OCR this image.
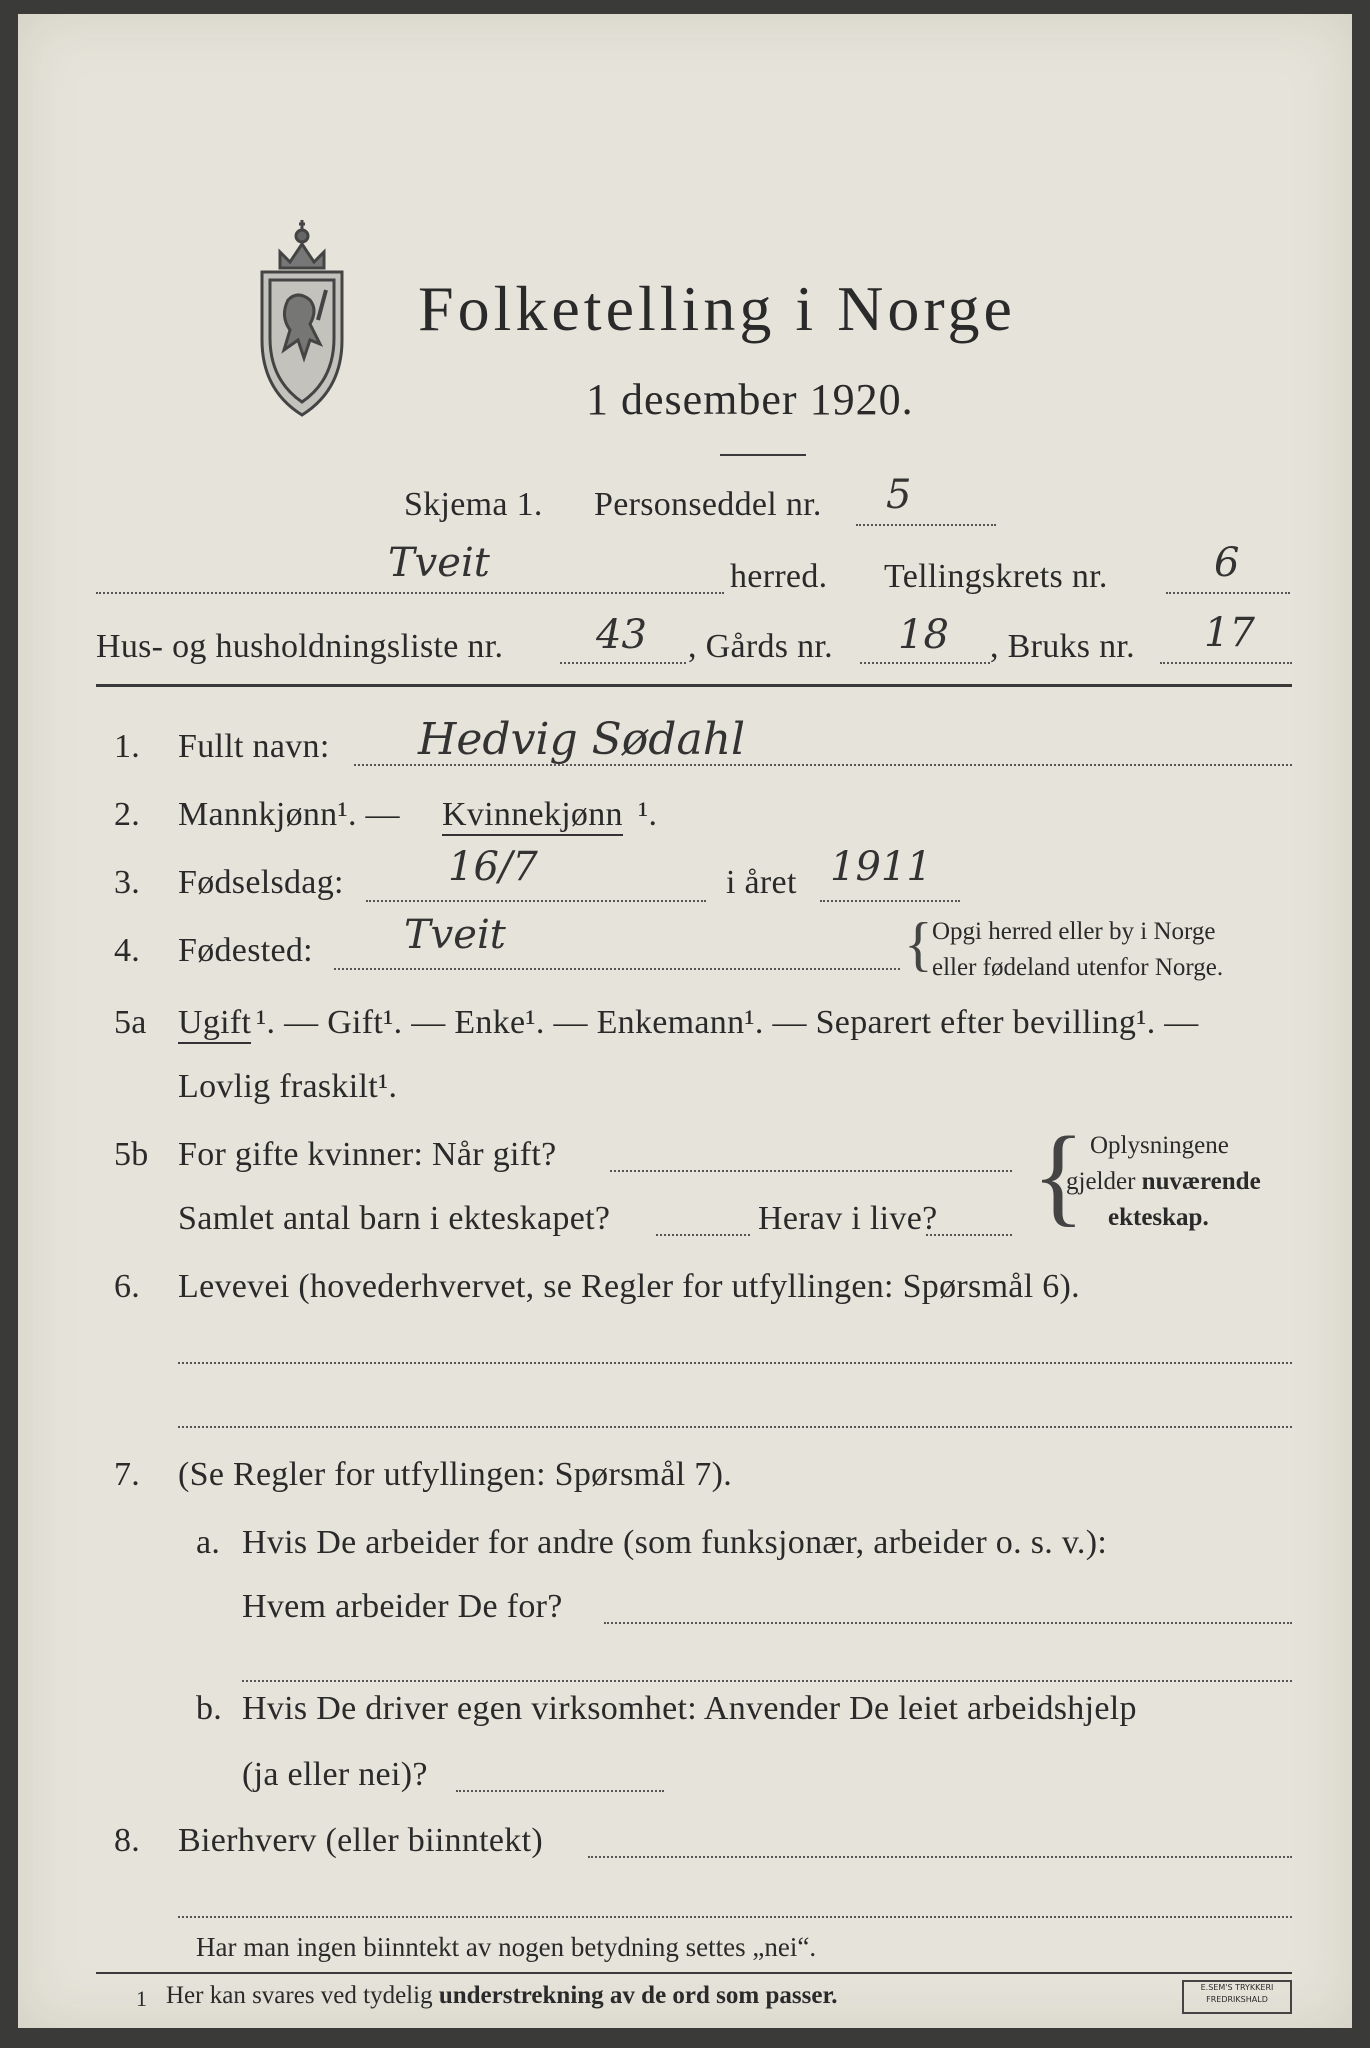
Folketelling i Norge
1 desember 1920.
Skjema 1. Personseddel nr. 5
Tveit	herred. Tellingskrets nr.	6
Hus- og husholdningsliste nr. 43 , Gårds nr. 18 , Bruks nr. 17
1. Fullt navn: Hedvig Sødahl
2. Mannkjønn¹. — Kvinnekjønn ¹.
3. Fødselsdag:	16/7	i året 1911
4. Fødested: Tveit	{ Opgi herred eller by i Norge
eller fødeland utenfor Norge.
5a Ugift ¹. — Gift¹. — Enke¹. — Enkemann¹. — Separert efter bevilling¹. —
Lovlig fraskilt¹.
5b For gifte kvinner: Når gift?
Samlet antal barn i ekteskapet?	Herav i live? { Oplysningene
gjelder nuværende
ekteskap.
6. Levevei (hovederhvervet, se Regler for utfyllingen: Spørsmål 6).
7. (Se Regler for utfyllingen: Spørsmål 7).
a. Hvis De arbeider for andre (som funksjonær, arbeider o. s. v.):
Hvem arbeider De for?
b. Hvis De driver egen virksomhet: Anvender De leiet arbeidshjelp
(ja eller nei)?
8. Bierhverv (eller biinntekt)
Har man ingen biinntekt av nogen betydning settes „nei“.
1 Her kan svares ved tydelig understrekning av de ord som passer.	E.SEM'S TRYKKERI
FREDRIKSHALD
